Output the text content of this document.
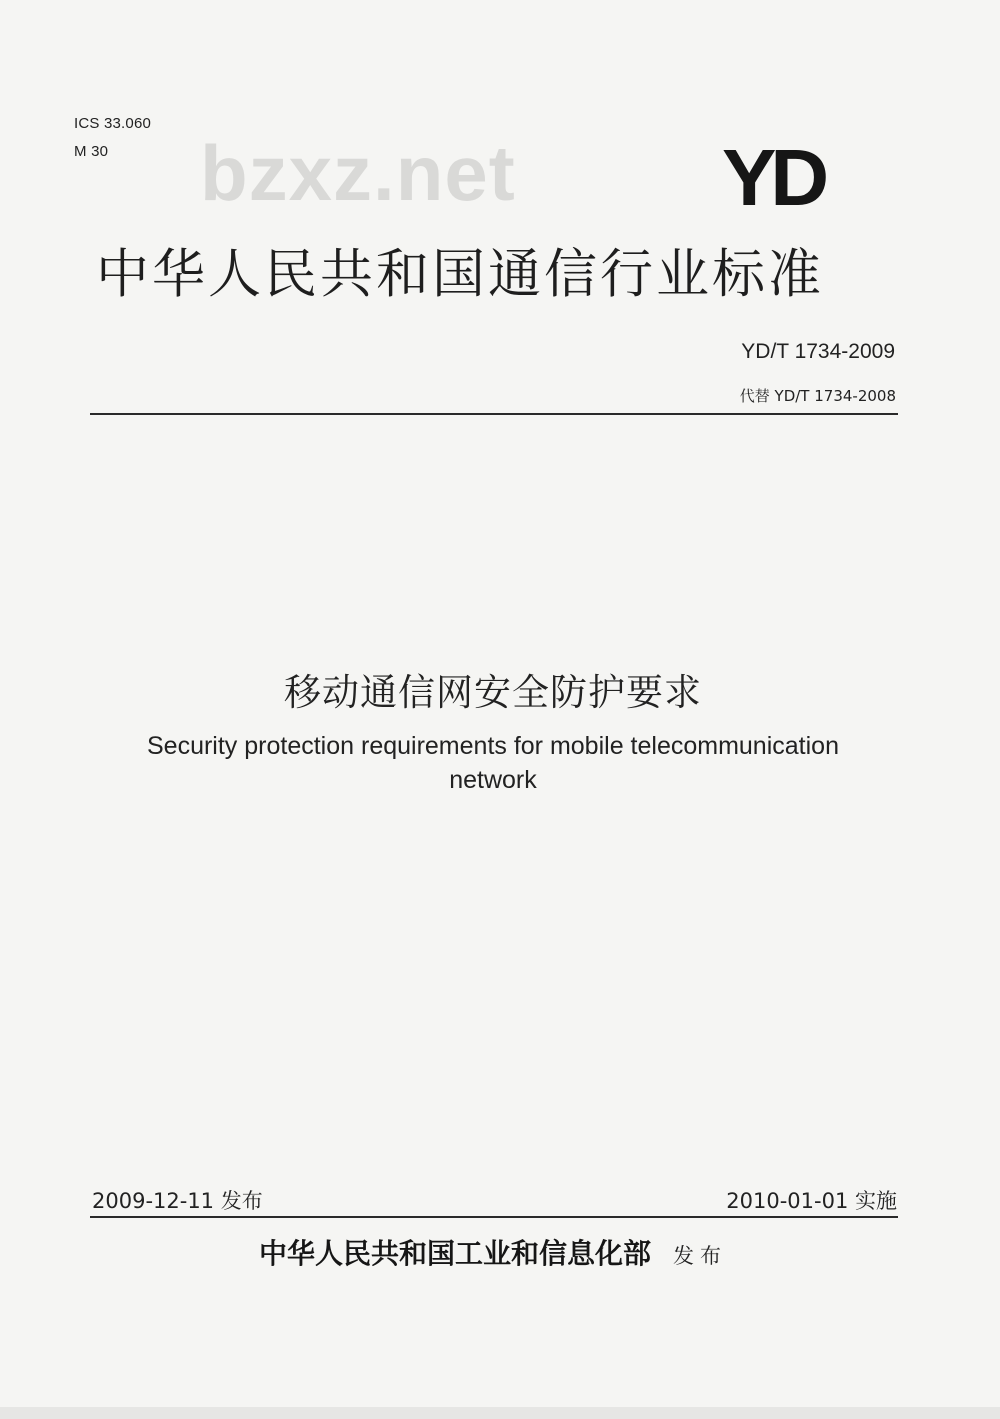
ICS 33.060
M 30 bzxz.net	YD
中华人民共和国通信行业标准
YD/T 1734-2009
代替 YD/T 1734-2008
移动通信网安全防护要求
Security protection requirements for mobile telecommunication network
2009-12-11 发布	2010-01-01 实施
中华人民共和国工业和信息化部 发布
